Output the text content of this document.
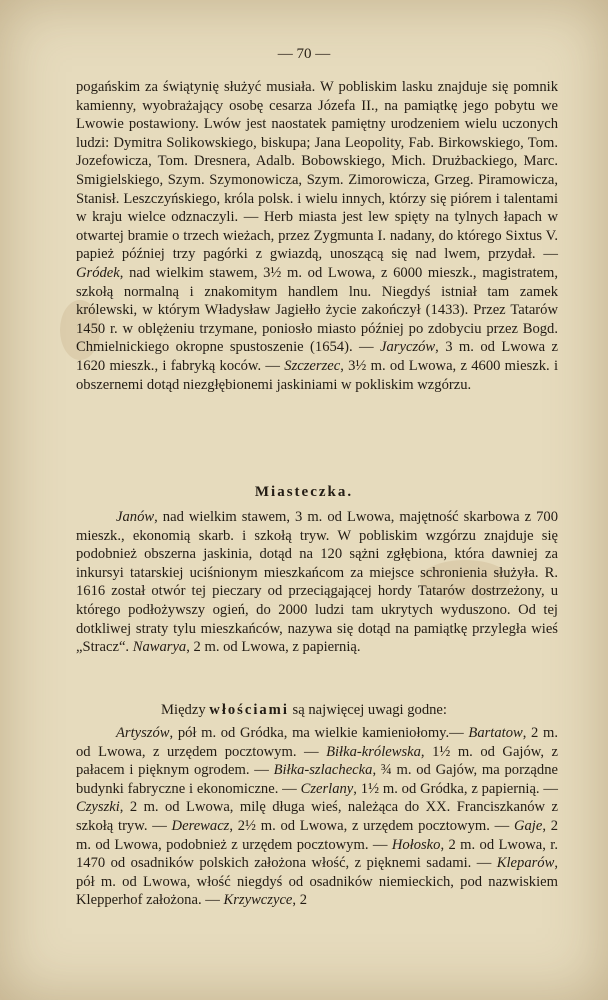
— 70 —
pogańskim za świątynię służyć musiała. W pobliskim lasku znajduje się pomnik kamienny, wyobrażający osobę cesarza Józefa II., na pamiątkę jego pobytu we Lwowie postawiony. Lwów jest naostatek pamiętny urodzeniem wielu uczonych ludzi: Dymitra Solikowskiego, biskupa; Jana Leopolity, Fab. Birkowskiego, Tom. Jozefowicza, Tom. Dresnera, Adalb. Bobowskiego, Mich. Drużbackiego, Marc. Smigielskiego, Szym. Szymonowicza, Szym. Zimorowicza, Grzeg. Piramowicza, Stanisł. Leszczyńskiego, króla polsk. i wielu innych, którzy się piórem i talentami w kraju wielce odznaczyli. — Herb miasta jest lew spięty na tylnych łapach w otwartej bramie o trzech wieżach, przez Zygmunta I. nadany, do którego Sixtus V. papież później trzy pagórki z gwiazdą, unoszącą się nad lwem, przydał. — Gródek, nad wielkim stawem, 3½ m. od Lwowa, z 6000 mieszk., magistratem, szkołą normalną i znakomitym handlem lnu. Niegdyś istniał tam zamek królewski, w którym Władysław Jagiełło życie zakończył (1433). Przez Tatarów 1450 r. w oblężeniu trzymane, poniosło miasto później po zdobyciu przez Bogd. Chmielnickiego okropne spustoszenie (1654). — Jaryczów, 3 m. od Lwowa z 1620 mieszk., i fabryką koców. — Szczerzec, 3½ m. od Lwowa, z 4600 mieszk. i obszernemi dotąd niezgłębionemi jaskiniami w pokliskim wzgórzu.
Miasteczka.
Janów, nad wielkim stawem, 3 m. od Lwowa, majętność skarbowa z 700 mieszk., ekonomią skarb. i szkołą tryw. W pobliskim wzgórzu znajduje się podobnież obszerna jaskinia, dotąd na 120 sążni zgłębiona, która dawniej za inkursyi tatarskiej uciśnionym mieszkańcom za miejsce schronienia służyła. R. 1616 został otwór tej pieczary od przeciągającej hordy Tatarów dostrzeżony, u którego podłożywszy ogień, do 2000 ludzi tam ukrytych wyduszono. Od tej dotkliwej straty tylu mieszkańców, nazywa się dotąd na pamiątkę przyległa wieś „Stracz“. Nawarya, 2 m. od Lwowa, z papiernią.
Między włościami są najwięcej uwagi godne:
Artyszów, pół m. od Gródka, ma wielkie kamieniołomy.— Bartatow, 2 m. od Lwowa, z urzędem pocztowym. — Biłka-królewska, 1½ m. od Gajów, z pałacem i pięknym ogrodem. — Biłka-szlachecka, ¾ m. od Gajów, ma porządne budynki fabryczne i ekonomiczne. — Czerlany, 1½ m. od Gródka, z papiernią. — Czyszki, 2 m. od Lwowa, milę długa wieś, należąca do XX. Franciszkanów z szkołą tryw. — Derewacz, 2½ m. od Lwowa, z urzędem pocztowym. — Gaje, 2 m. od Lwowa, podobnież z urzędem pocztowym. — Hołosko, 2 m. od Lwowa, r. 1470 od osadników polskich założona włość, z pięknemi sadami. — Kleparów, pół m. od Lwowa, włość niegdyś od osadników niemieckich, pod nazwiskiem Klepperhof założona. — Krzywczyce, 2
